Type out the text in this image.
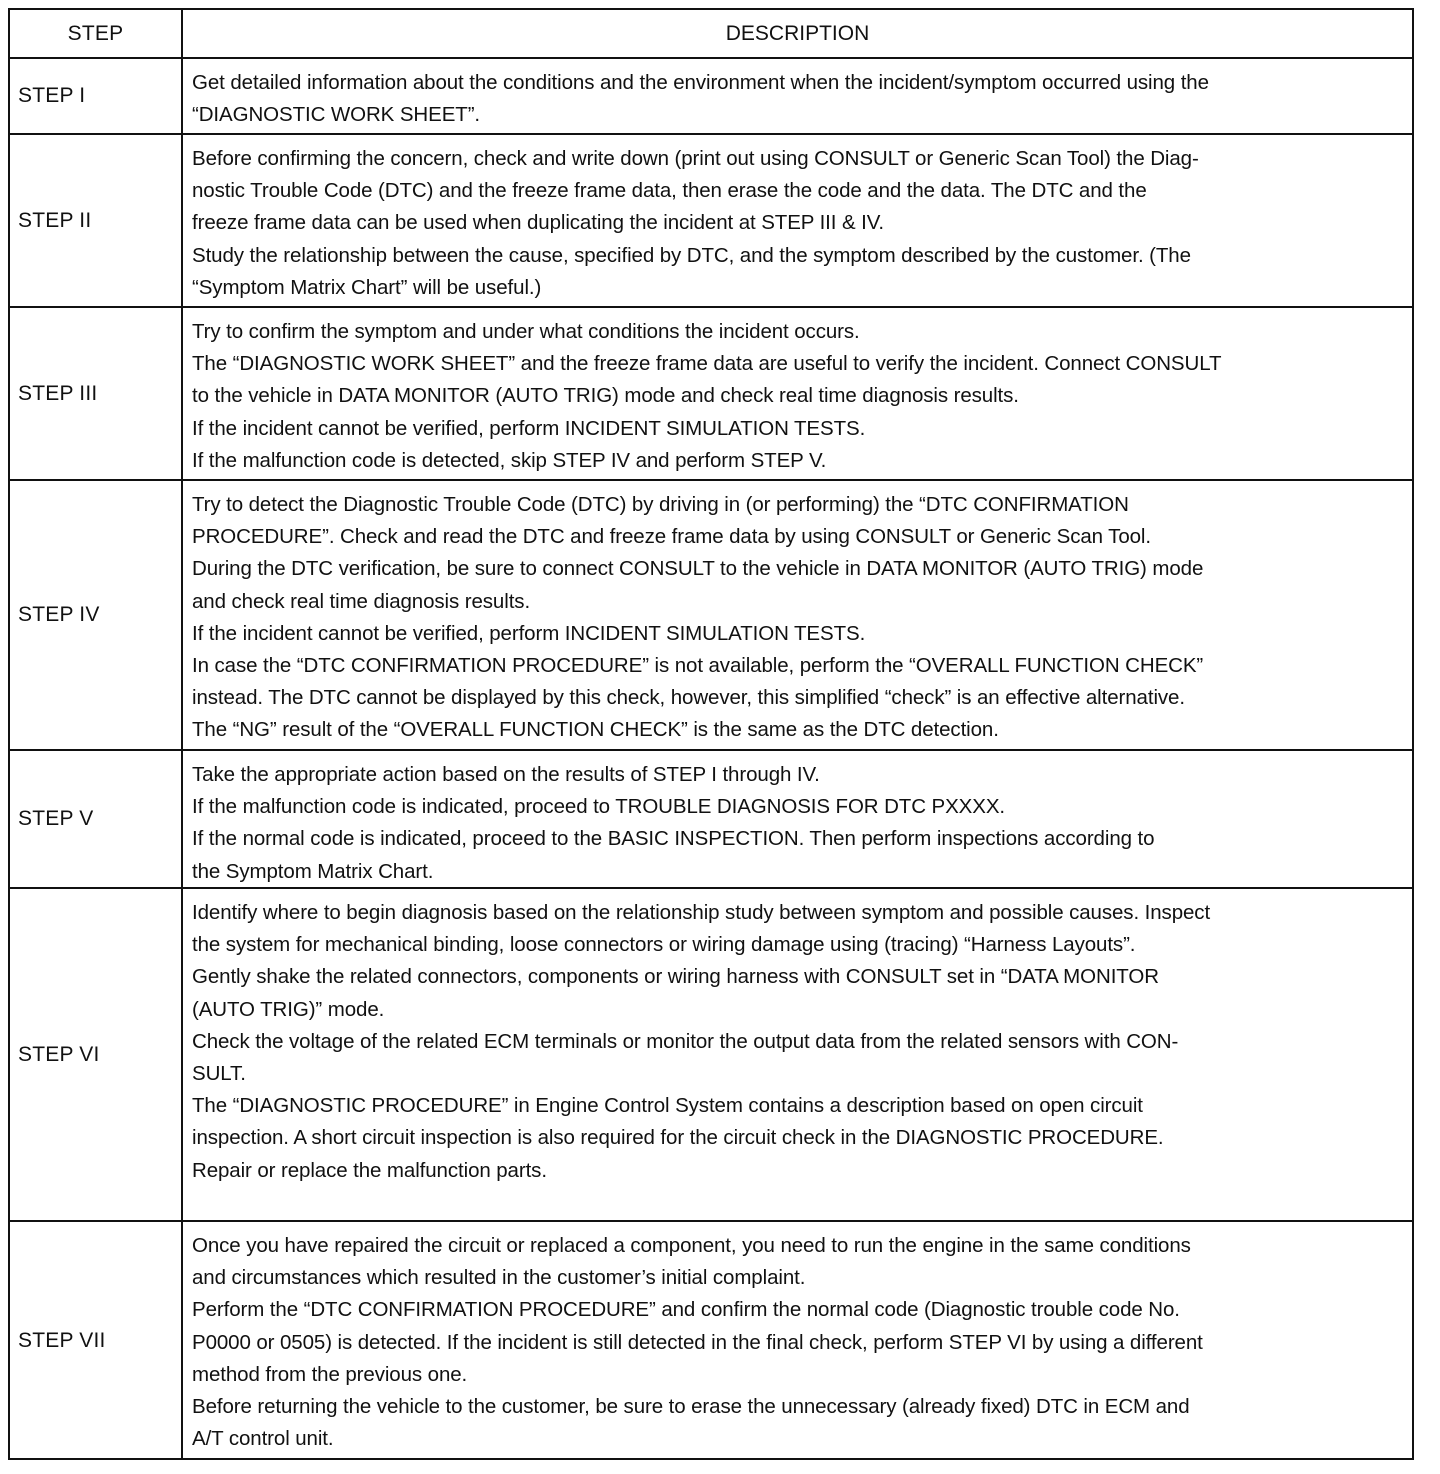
STEP	DESCRIPTION
STEP I
Get detailed information about the conditions and the environment when the incident/symptom occurred using the
“DIAGNOSTIC WORK SHEET”.
STEP II
Before confirming the concern, check and write down (print out using CONSULT or Generic Scan Tool) the Diag-
nostic Trouble Code (DTC) and the freeze frame data, then erase the code and the data. The DTC and the
freeze frame data can be used when duplicating the incident at STEP III & IV.
Study the relationship between the cause, specified by DTC, and the symptom described by the customer. (The
“Symptom Matrix Chart” will be useful.)
STEP III
Try to confirm the symptom and under what conditions the incident occurs.
The “DIAGNOSTIC WORK SHEET” and the freeze frame data are useful to verify the incident. Connect CONSULT
to the vehicle in DATA MONITOR (AUTO TRIG) mode and check real time diagnosis results.
If the incident cannot be verified, perform INCIDENT SIMULATION TESTS.
If the malfunction code is detected, skip STEP IV and perform STEP V.
STEP IV
Try to detect the Diagnostic Trouble Code (DTC) by driving in (or performing) the “DTC CONFIRMATION
PROCEDURE”. Check and read the DTC and freeze frame data by using CONSULT or Generic Scan Tool.
During the DTC verification, be sure to connect CONSULT to the vehicle in DATA MONITOR (AUTO TRIG) mode
and check real time diagnosis results.
If the incident cannot be verified, perform INCIDENT SIMULATION TESTS.
In case the “DTC CONFIRMATION PROCEDURE” is not available, perform the “OVERALL FUNCTION CHECK”
instead. The DTC cannot be displayed by this check, however, this simplified “check” is an effective alternative.
The “NG” result of the “OVERALL FUNCTION CHECK” is the same as the DTC detection.
STEP V
Take the appropriate action based on the results of STEP I through IV.
If the malfunction code is indicated, proceed to TROUBLE DIAGNOSIS FOR DTC PXXXX.
If the normal code is indicated, proceed to the BASIC INSPECTION. Then perform inspections according to
the Symptom Matrix Chart.
STEP VI
Identify where to begin diagnosis based on the relationship study between symptom and possible causes. Inspect
the system for mechanical binding, loose connectors or wiring damage using (tracing) “Harness Layouts”.
Gently shake the related connectors, components or wiring harness with CONSULT set in “DATA MONITOR
(AUTO TRIG)” mode.
Check the voltage of the related ECM terminals or monitor the output data from the related sensors with CON-
SULT.
The “DIAGNOSTIC PROCEDURE” in Engine Control System contains a description based on open circuit
inspection. A short circuit inspection is also required for the circuit check in the DIAGNOSTIC PROCEDURE.
Repair or replace the malfunction parts.
STEP VII
Once you have repaired the circuit or replaced a component, you need to run the engine in the same conditions
and circumstances which resulted in the customer’s initial complaint.
Perform the “DTC CONFIRMATION PROCEDURE” and confirm the normal code (Diagnostic trouble code No.
P0000 or 0505) is detected. If the incident is still detected in the final check, perform STEP VI by using a different
method from the previous one.
Before returning the vehicle to the customer, be sure to erase the unnecessary (already fixed) DTC in ECM and
A/T control unit.
